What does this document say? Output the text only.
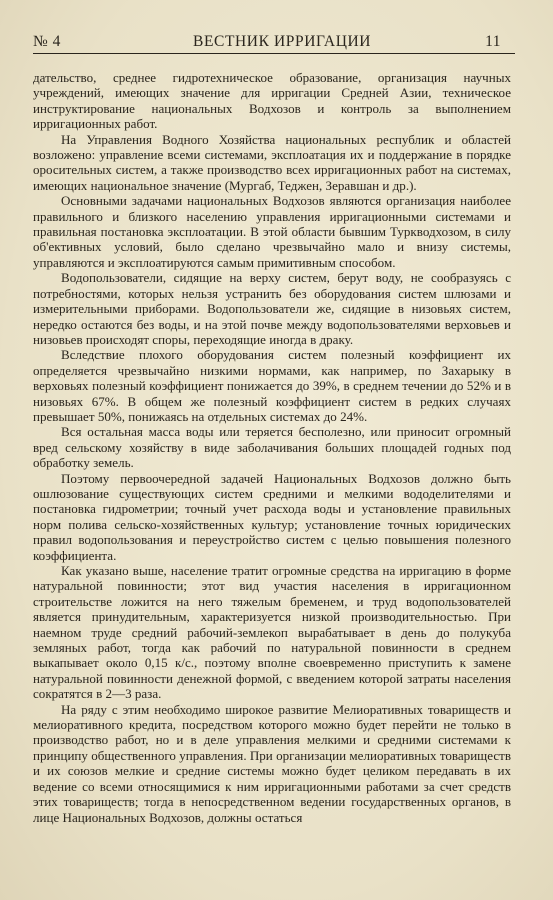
№ 4	ВЕСТНИК ИРРИГАЦИИ	11

дательство, среднее гидротехническое образование, организация научных учреждений, имеющих значение для ирригации Средней Азии, техническое инструктирование национальных Водхозов и контроль за выполнением ирригационных работ.

На Управления Водного Хозяйства национальных республик и областей возложено: управление всеми системами, эксплоатация их и поддержание в порядке оросительных систем, а также производство всех ирригационных работ на системах, имеющих национальное значение (Мургаб, Теджен, Зеравшан и др.).

Основными задачами национальных Водхозов являются организация наиболее правильного и близкого населению управления ирригационными системами и правильная постановка эксплоатации. В этой области бывшим Туркводхозом, в силу об'ективных условий, было сделано чрезвычайно мало и внизу системы, управляются и эксплоатируются самым примитивным способом.

Водопользователи, сидящие на верху систем, берут воду, не сообразуясь с потребностями, которых нельзя устранить без оборудования систем шлюзами и измерительными приборами. Водопользователи же, сидящие в низовьях систем, нередко остаются без воды, и на этой почве между водопользователями верховьев и низовьев происходят споры, переходящие иногда в драку.

Вследствие плохого оборудования систем полезный коэффициент их определяется чрезвычайно низкими нормами, как например, по Захарыку в верховьях полезный коэффициент понижается до 39%, в среднем течении до 52% и в низовьях 67%. В общем же полезный коэффициент систем в редких случаях превышает 50%, понижаясь на отдельных системах до 24%.

Вся остальная масса воды или теряется бесполезно, или приносит огромный вред сельскому хозяйству в виде заболачивания больших площадей годных под обработку земель.

Поэтому первоочередной задачей Национальных Водхозов должно быть ошлюзование существующих систем средними и мелкими вододелителями и постановка гидрометрии; точный учет расхода воды и установление правильных норм полива сельско-хозяйственных культур; установление точных юридических правил водопользования и переустройство систем с целью повышения полезного коэффициента.

Как указано выше, население тратит огромные средства на ирригацию в форме натуральной повинности; этот вид участия населения в ирригационном строительстве ложится на него тяжелым бременем, и труд водопользователей является принудительным, характеризуется низкой производительностью. При наемном труде средний рабочий-землекоп вырабатывает в день до полукуба земляных работ, тогда как рабочий по натуральной повинности в среднем выкапывает около 0,15 к/с., поэтому вполне своевременно приступить к замене натуральной повинности денежной формой, с введением которой затраты населения сократятся в 2—3 раза.

На ряду с этим необходимо широкое развитие Мелиоративных товариществ и мелиоративного кредита, посредством которого можно будет перейти не только в производство работ, но и в деле управления мелкими и средними системами к принципу общественного управления. При организации мелиоративных товариществ и их союзов мелкие и средние системы можно будет целиком передавать в их ведение со всеми относящимися к ним ирригационными работами за счет средств этих товариществ; тогда в непосредственном ведении государственных органов, в лице Национальных Водхозов, должны остаться
